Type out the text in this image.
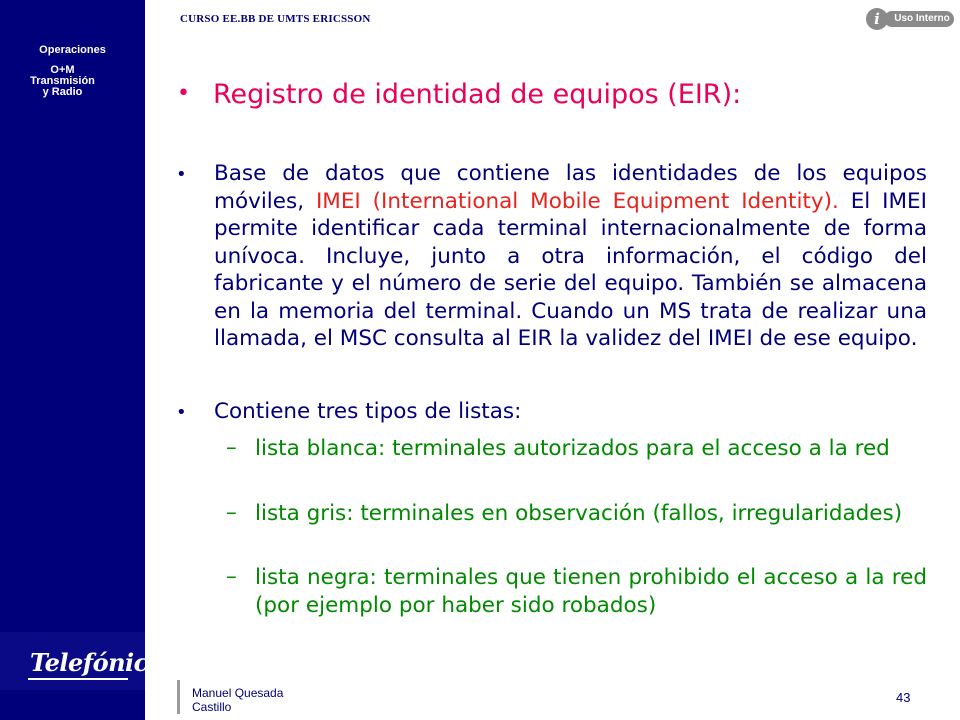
Operaciones
O+M
Transmisión
y Radio
Telefónica
CURSO EE.BB DE UMTS ERICSSON	Uso Interno
i
• Registro de identidad de equipos (EIR):
• Base de datos que contiene las identidades de los equipos móviles, IMEI (International Mobile Equipment Identity). El IMEI permite identificar cada terminal internacionalmente de forma unívoca. Incluye, junto a otra información, el código del fabricante y el número de serie del equipo. También se almacena en la memoria del terminal. Cuando un MS trata de realizar una llamada, el MSC consulta al EIR la validez del IMEI de ese equipo.
• Contiene tres tipos de listas:
– lista blanca: terminales autorizados para el acceso a la red
– lista gris: terminales en observación (fallos, irregularidades)
– lista negra: terminales que tienen prohibido el acceso a la red (por ejemplo por haber sido robados)
Manuel Quesada Castillo
43
